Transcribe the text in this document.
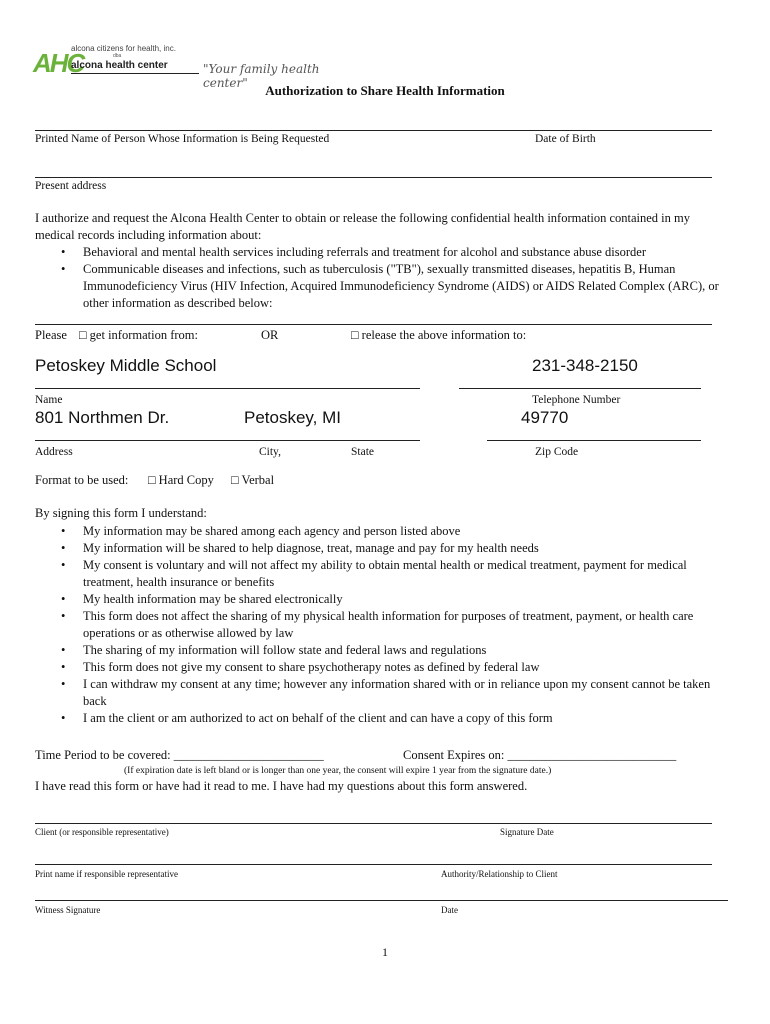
AHC
alcona citizens for health, inc.
dba
alcona health center	"Your family health center"	Authorization to Share Health Information
Printed Name of Person Whose Information is Being Requested	Date of Birth
Present address
I authorize and request the Alcona Health Center to obtain or release the following confidential health information contained in my medical records including information about:
• Behavioral and mental health services including referrals and treatment for alcohol and substance abuse disorder
• Communicable diseases and infections, such as tuberculosis ("TB"), sexually transmitted diseases, hepatitis B, Human Immunodeficiency Virus (HIV Infection, Acquired Immunodeficiency Syndrome (AIDS) or AIDS Related Complex (ARC), or other information as described below:
Please □ get information from:	OR	□ release the above information to:
Petoskey Middle School	231-348-2150
Name	Telephone Number
801 Northmen Dr.	Petoskey, MI	49770
Address	City,	State	Zip Code
Format to be used: □ Hard Copy □ Verbal
By signing this form I understand:
• My information may be shared among each agency and person listed above
• My information will be shared to help diagnose, treat, manage and pay for my health needs
• My consent is voluntary and will not affect my ability to obtain mental health or medical treatment, payment for medical treatment, health insurance or benefits
• My health information may be shared electronically
• This form does not affect the sharing of my physical health information for purposes of treatment, payment, or health care operations or as otherwise allowed by law
• The sharing of my information will follow state and federal laws and regulations
• This form does not give my consent to share psychotherapy notes as defined by federal law
• I can withdraw my consent at any time; however any information shared with or in reliance upon my consent cannot be taken back
• I am the client or am authorized to act on behalf of the client and can have a copy of this form
Time Period to be covered: ________________________	Consent Expires on: ___________________________
(If expiration date is left bland or is longer than one year, the consent will expire 1 year from the signature date.)
I have read this form or have had it read to me. I have had my questions about this form answered.
Client (or responsible representative)	Signature Date
Print name if responsible representative	Authority/Relationship to Client
Witness Signature	Date
1
